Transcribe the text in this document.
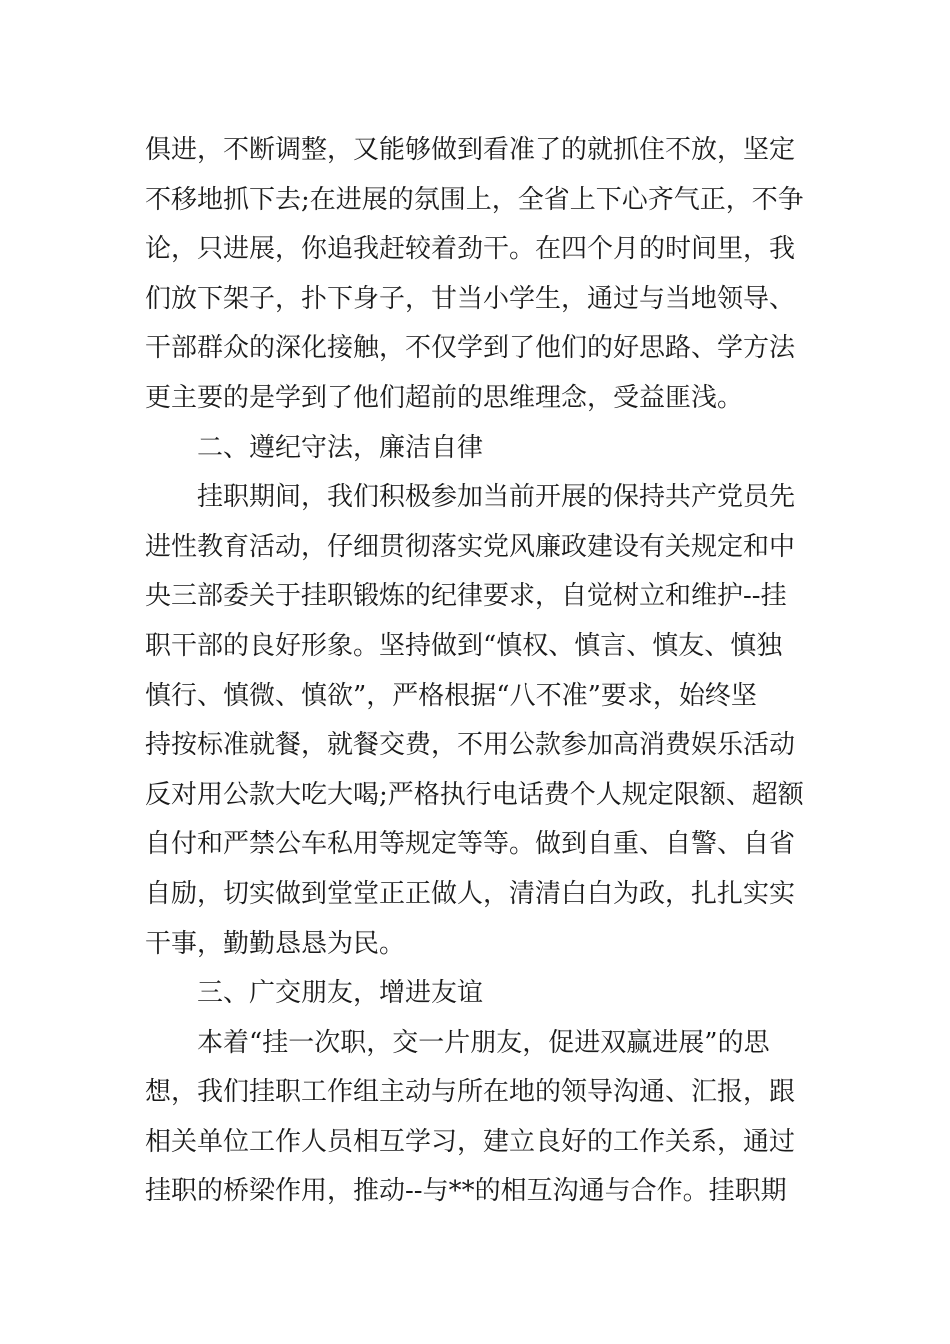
俱进，不断调整，又能够做到看准了的就抓住不放，坚定
不移地抓下去;在进展的氛围上，全省上下心齐气正，不争
论，只进展，你追我赶较着劲干。在四个月的时间里，我
们放下架子，扑下身子，甘当小学生，通过与当地领导、
干部群众的深化接触，不仅学到了他们的好思路、学方法
更主要的是学到了他们超前的思维理念，受益匪浅。
二、遵纪守法，廉洁自律
挂职期间，我们积极参加当前开展的保持共产党员先
进性教育活动，仔细贯彻落实党风廉政建设有关规定和中
央三部委关于挂职锻炼的纪律要求，自觉树立和维护--挂
职干部的良好形象。坚持做到“慎权、慎言、慎友、慎独
慎行、慎微、慎欲”，严格根据“八不准”要求，始终坚
持按标准就餐，就餐交费，不用公款参加高消费娱乐活动
反对用公款大吃大喝;严格执行电话费个人规定限额、超额
自付和严禁公车私用等规定等等。做到自重、自警、自省
自励，切实做到堂堂正正做人，清清白白为政，扎扎实实
干事，勤勤恳恳为民。
三、广交朋友，增进友谊
本着“挂一次职，交一片朋友，促进双赢进展”的思
想，我们挂职工作组主动与所在地的领导沟通、汇报，跟
相关单位工作人员相互学习，建立良好的工作关系，通过
挂职的桥梁作用，推动--与**的相互沟通与合作。挂职期
